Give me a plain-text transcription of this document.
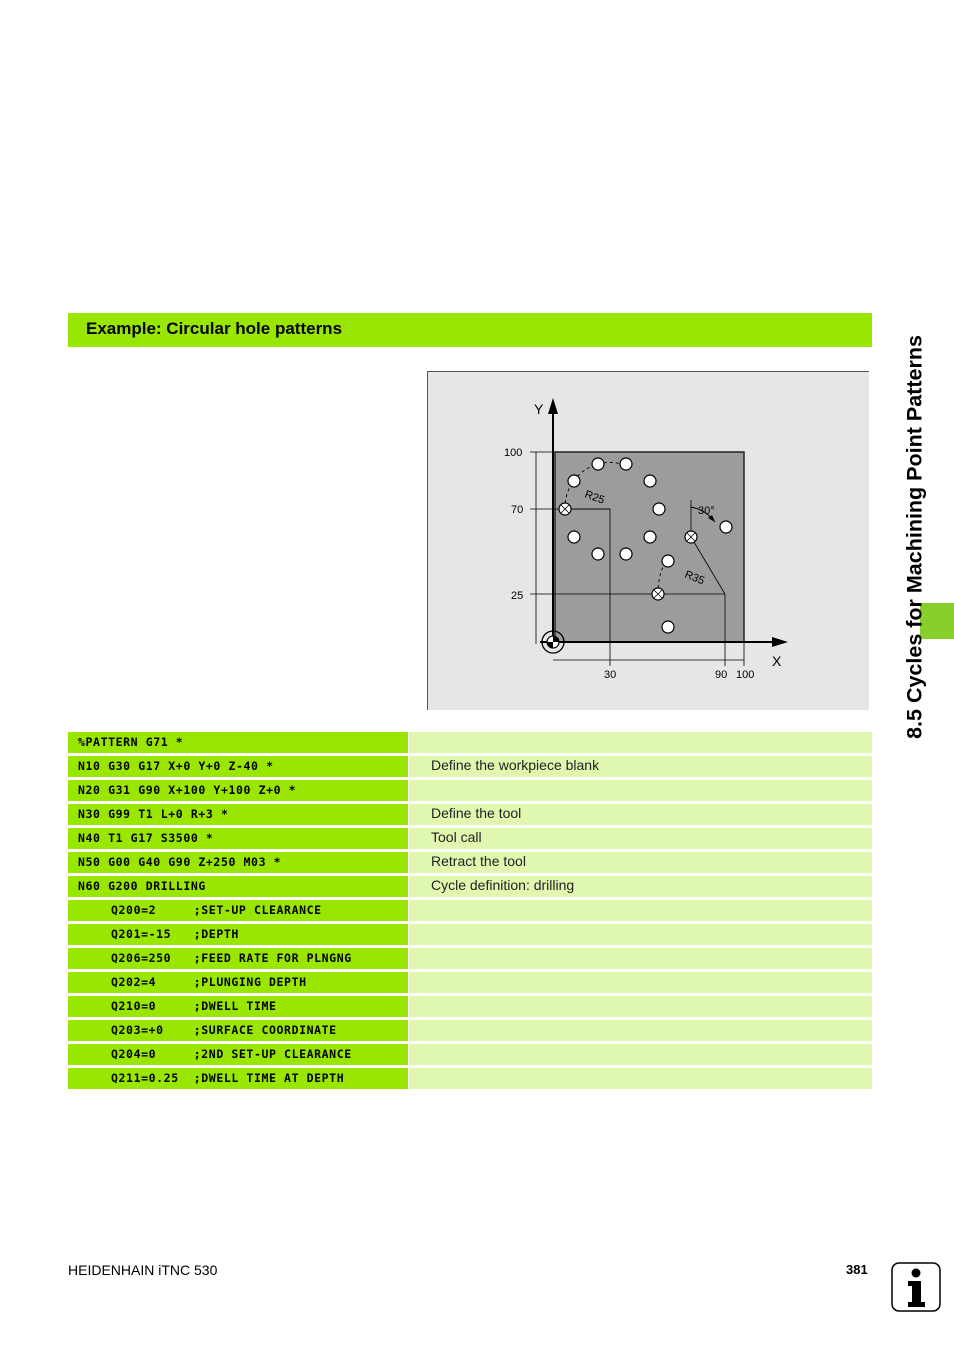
Example: Circular hole patterns
8.5 Cycles for Machining Point Patterns
Y
X
100
70
25
30	90 100
R25
R35
30°
%PATTERN G71 *
N10 G30 G17 X+0 Y+0 Z-40 *	Define the workpiece blank
N20 G31 G90 X+100 Y+100 Z+0 *
N30 G99 T1 L+0 R+3 *	Define the tool
N40 T1 G17 S3500 *	Tool call
N50 G00 G40 G90 Z+250 M03 *	Retract the tool
N60 G200 DRILLING	Cycle definition: drilling
Q200=2     ;SET-UP CLEARANCE
Q201=-15   ;DEPTH
Q206=250   ;FEED RATE FOR PLNGNG
Q202=4     ;PLUNGING DEPTH
Q210=0     ;DWELL TIME
Q203=+0    ;SURFACE COORDINATE
Q204=0     ;2ND SET-UP CLEARANCE
Q211=0.25  ;DWELL TIME AT DEPTH
HEIDENHAIN iTNC 530	381
